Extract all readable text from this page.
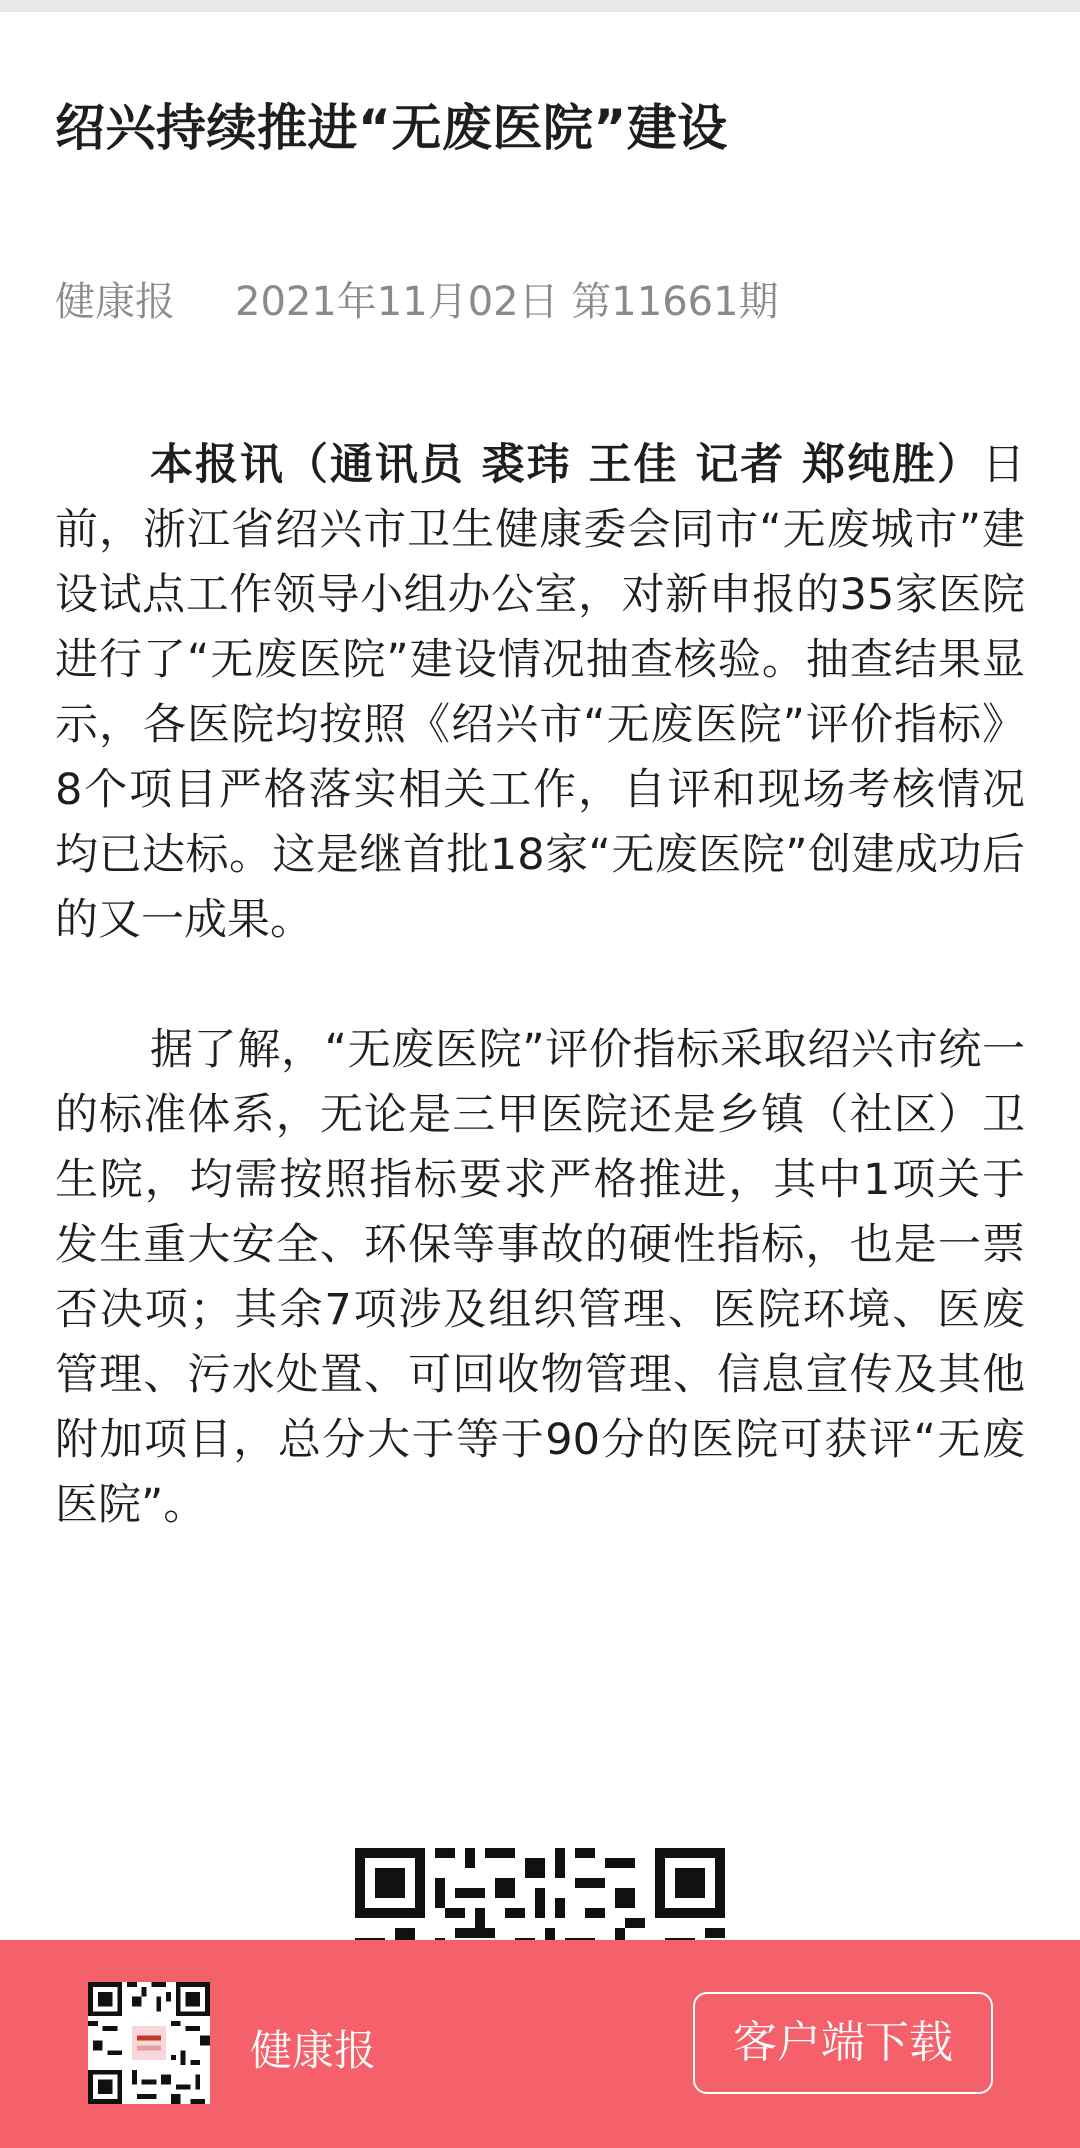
绍兴持续推进“无废医院”建设
健康报 2021年11月02日 第11661期

本报讯（通讯员 裘玮 王佳 记者 郑纯胜）日前，浙江省绍兴市卫生健康委会同市“无废城市”建设试点工作领导小组办公室，对新申报的35家医院进行了“无废医院”建设情况抽查核验。抽查结果显示，各医院均按照《绍兴市“无废医院”评价指标》8个项目严格落实相关工作，自评和现场考核情况均已达标。这是继首批18家“无废医院”创建成功后的又一成果。

据了解，“无废医院”评价指标采取绍兴市统一的标准体系，无论是三甲医院还是乡镇（社区）卫生院，均需按照指标要求严格推进，其中1项关于发生重大安全、环保等事故的硬性指标，也是一票否决项；其余7项涉及组织管理、医院环境、医废管理、污水处置、可回收物管理、信息宣传及其他附加项目，总分大于等于90分的医院可获评“无废医院”。

健康报	客户端下载
